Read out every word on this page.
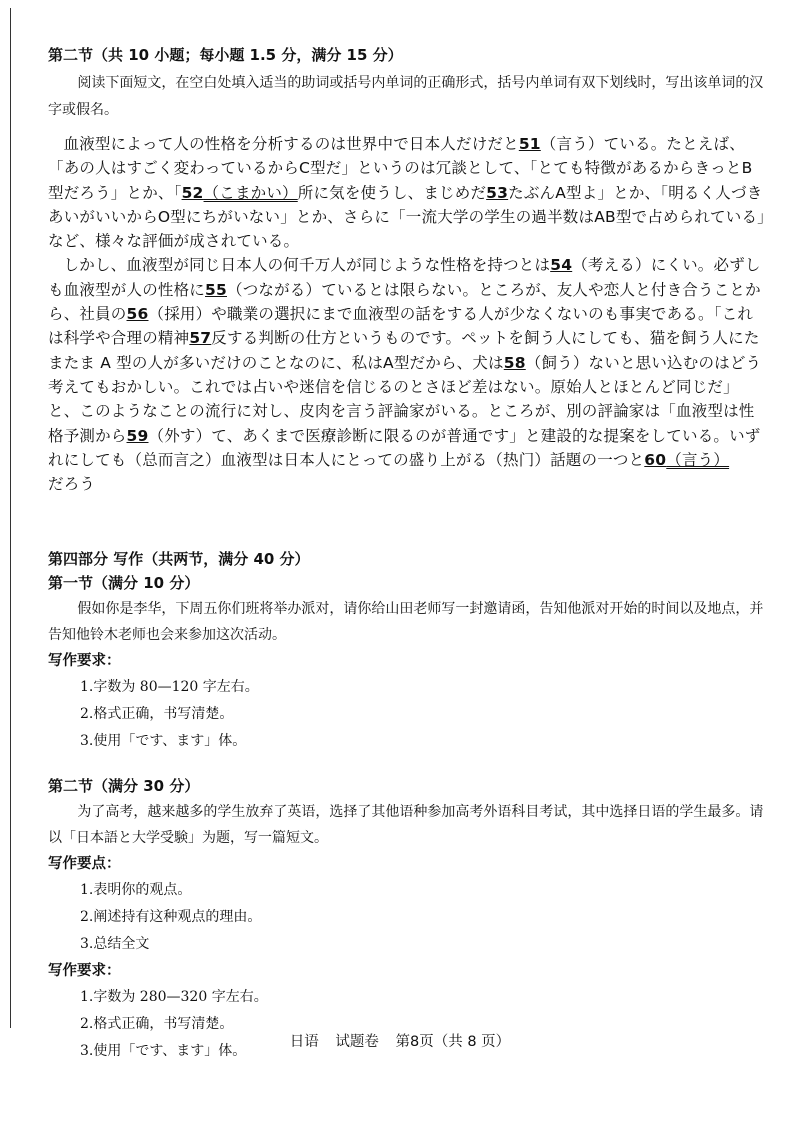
第二节（共 10 小题；每小题 1.5 分，满分 15 分）

阅读下面短文，在空白处填入适当的助词或括号内单词的正确形式，括号内单词有双下划线时，写出该单词的汉字或假名。

血液型によって人の性格を分析するのは世界中で日本人だけだと51（言う）ている。たとえば、「あの人はすごく変わっているからC型だ」というのは冗談として、「とても特徴があるからきっとB型だろう」とか、「52（こまかい）所に気を使うし、まじめだ53たぶんA型よ」とか、「明るく人づきあいがいいからO型にちがいない」とか、さらに「一流大学の学生の過半数はAB型で占められている」など、様々な評価が成されている。

しかし、血液型が同じ日本人の何千万人が同じような性格を持つとは54（考える）にくい。必ずしも血液型が人の性格に55（つながる）ているとは限らない。ところが、友人や恋人と付き合うことから、社員の56（採用）や職業の選択にまで血液型の話をする人が少なくないのも事実である。「これは科学や合理の精神57反する判断の仕方というものです。ペットを飼う人にしても、猫を飼う人にたまたま A 型の人が多いだけのことなのに、私はA型だから、犬は58（飼う）ないと思い込むのはどう考えてもおかしい。これでは占いや迷信を信じるのとさほど差はない。原始人とほとんど同じだ」と、このようなことの流行に対し、皮肉を言う評論家がいる。ところが、別の評論家は「血液型は性格予測から59（外す）て、あくまで医療診断に限るのが普通です」と建設的な提案をしている。いずれにしても（总而言之）血液型は日本人にとっての盛り上がる（热门）話題の一つと60（言う）
だろう

第四部分 写作（共两节，满分 40 分）
第一节（满分 10 分）

假如你是李华，下周五你们班将举办派对，请你给山田老师写一封邀请函，告知他派对开始的时间以及地点，并告知他铃木老师也会来参加这次活动。

写作要求：
1.字数为 80—120 字左右。
2.格式正确，书写清楚。
3.使用「です、ます」体。
第二节（满分 30 分）

为了高考，越来越多的学生放弃了英语，选择了其他语种参加高考外语科目考试，其中选择日语的学生最多。请以「日本語と大学受験」为题，写一篇短文。

写作要点：
1.表明你的观点。
2.阐述持有这种观点的理由。
3.总结全文
写作要求：
1.字数为 280—320 字左右。
2.格式正确，书写清楚。
3.使用「です、ます」体。
日语 试题卷 第8页（共 8 页）
